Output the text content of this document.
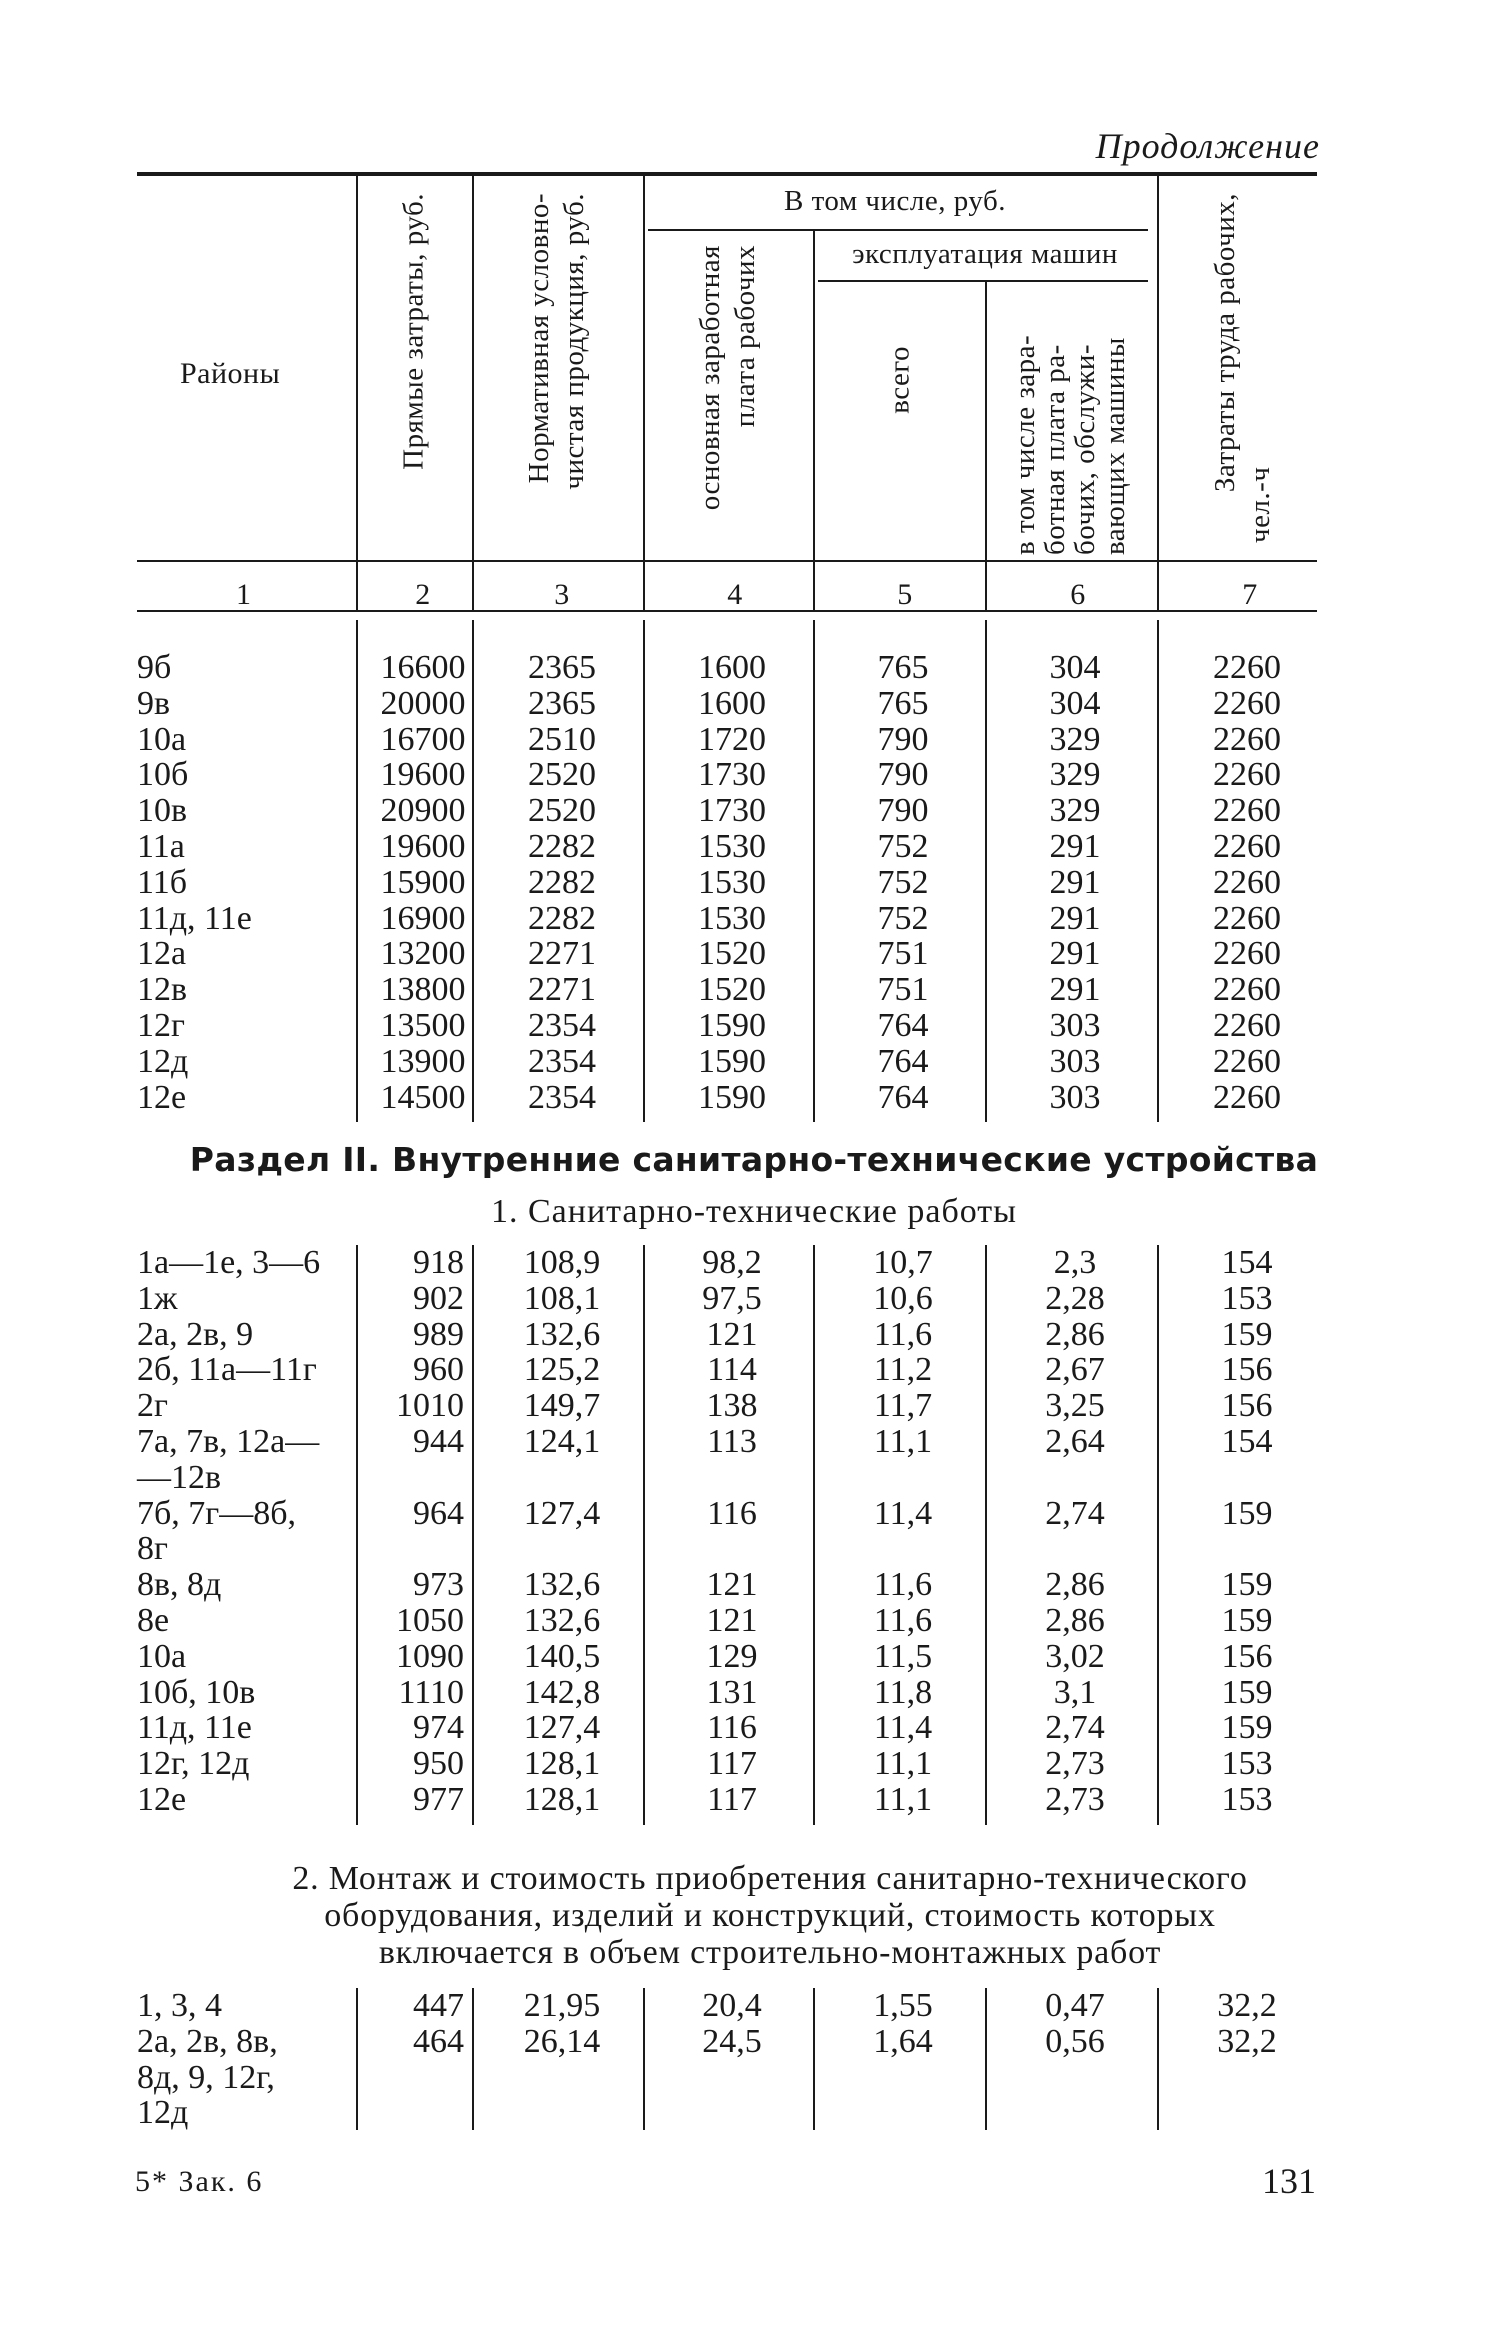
Продолжение
Районы	Прямые затраты, руб.	Нормативная условно- чистая продукция, руб.	В том числе, руб.
основная заработная плата рабочих	эксплуатация машин
всего	в том числе зара-
ботная плата ра-
бочих, обслужи-
вающих машины	Затраты труда рабочих,
чел.-ч
1	2	3	4	5	6	7
9б	16600	2365	1600	765	304	2260
9в	20000	2365	1600	765	304	2260
10а	16700	2510	1720	790	329	2260
10б	19600	2520	1730	790	329	2260
10в	20900	2520	1730	790	329	2260
11а	19600	2282	1530	752	291	2260
11б	15900	2282	1530	752	291	2260
11д, 11е	16900	2282	1530	752	291	2260
12а	13200	2271	1520	751	291	2260
12в	13800	2271	1520	751	291	2260
12г	13500	2354	1590	764	303	2260
12д	13900	2354	1590	764	303	2260
12е	14500	2354	1590	764	303	2260
Раздел II. Внутренние санитарно-технические устройства
1. Санитарно-технические работы
1а—1е, 3—6	918	108,9	98,2	10,7	2,3	154
1ж	902	108,1	97,5	10,6	2,28	153
2а, 2в, 9	989	132,6	121	11,6	2,86	159
2б, 11а—11г	960	125,2	114	11,2	2,67	156
2г	1010	149,7	138	11,7	3,25	156
7а, 7в, 12а—	944	124,1	113	11,1	2,64	154
—12в
7б, 7г—8б,	964	127,4	116	11,4	2,74	159
8г
8в, 8д	973	132,6	121	11,6	2,86	159
8е	1050	132,6	121	11,6	2,86	159
10а	1090	140,5	129	11,5	3,02	156
10б, 10в	1110	142,8	131	11,8	3,1	159
11д, 11е	974	127,4	116	11,4	2,74	159
12г, 12д	950	128,1	117	11,1	2,73	153
12е	977	128,1	117	11,1	2,73	153
2. Монтаж и стоимость приобретения санитарно-технического
оборудования, изделий и конструкций, стоимость которых
включается в объем строительно-монтажных работ
1, 3, 4	447	21,95	20,4	1,55	0,47	32,2
2а, 2в, 8в,	464	26,14	24,5	1,64	0,56	32,2
8д, 9, 12г,
12д
5* Зак. 6	131
